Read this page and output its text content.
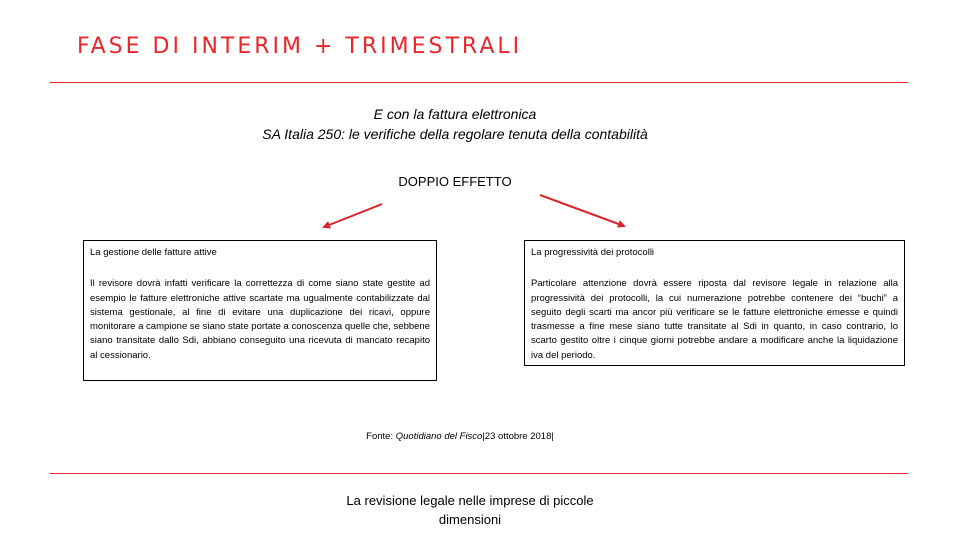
FASE DI INTERIM + TRIMESTRALI
E con la fattura elettronica
SA Italia 250: le verifiche della regolare tenuta della contabilità
DOPPIO EFFETTO
La gestione delle fatture attive
Il revisore dovrà infatti verificare la correttezza di come siano state gestite ad esempio le fatture elettroniche attive scartate ma ugualmente contabilizzate dal sistema gestionale, al fine di evitare una duplicazione dei ricavi, oppure monitorare a campione se siano state portate a conoscenza quelle che, sebbene siano transitate dallo Sdi, abbiano conseguito una ricevuta di mancato recapito al cessionario.
La progressività dei protocolli
Particolare attenzione dovrà essere riposta dal revisore legale in relazione alla progressività dei protocolli, la cui numerazione potrebbe contenere dei “buchi” a seguito degli scarti ma ancor più verificare se le fatture elettroniche emesse e quindi trasmesse a fine mese siano tutte transitate al Sdi in quanto, in caso contrario, lo scarto gestito oltre i cinque giorni potrebbe andare a modificare anche la liquidazione iva del periodo.
Fonte: Quotidiano del Fisco|23 ottobre 2018|
La revisione legale nelle imprese di piccole
dimensioni
